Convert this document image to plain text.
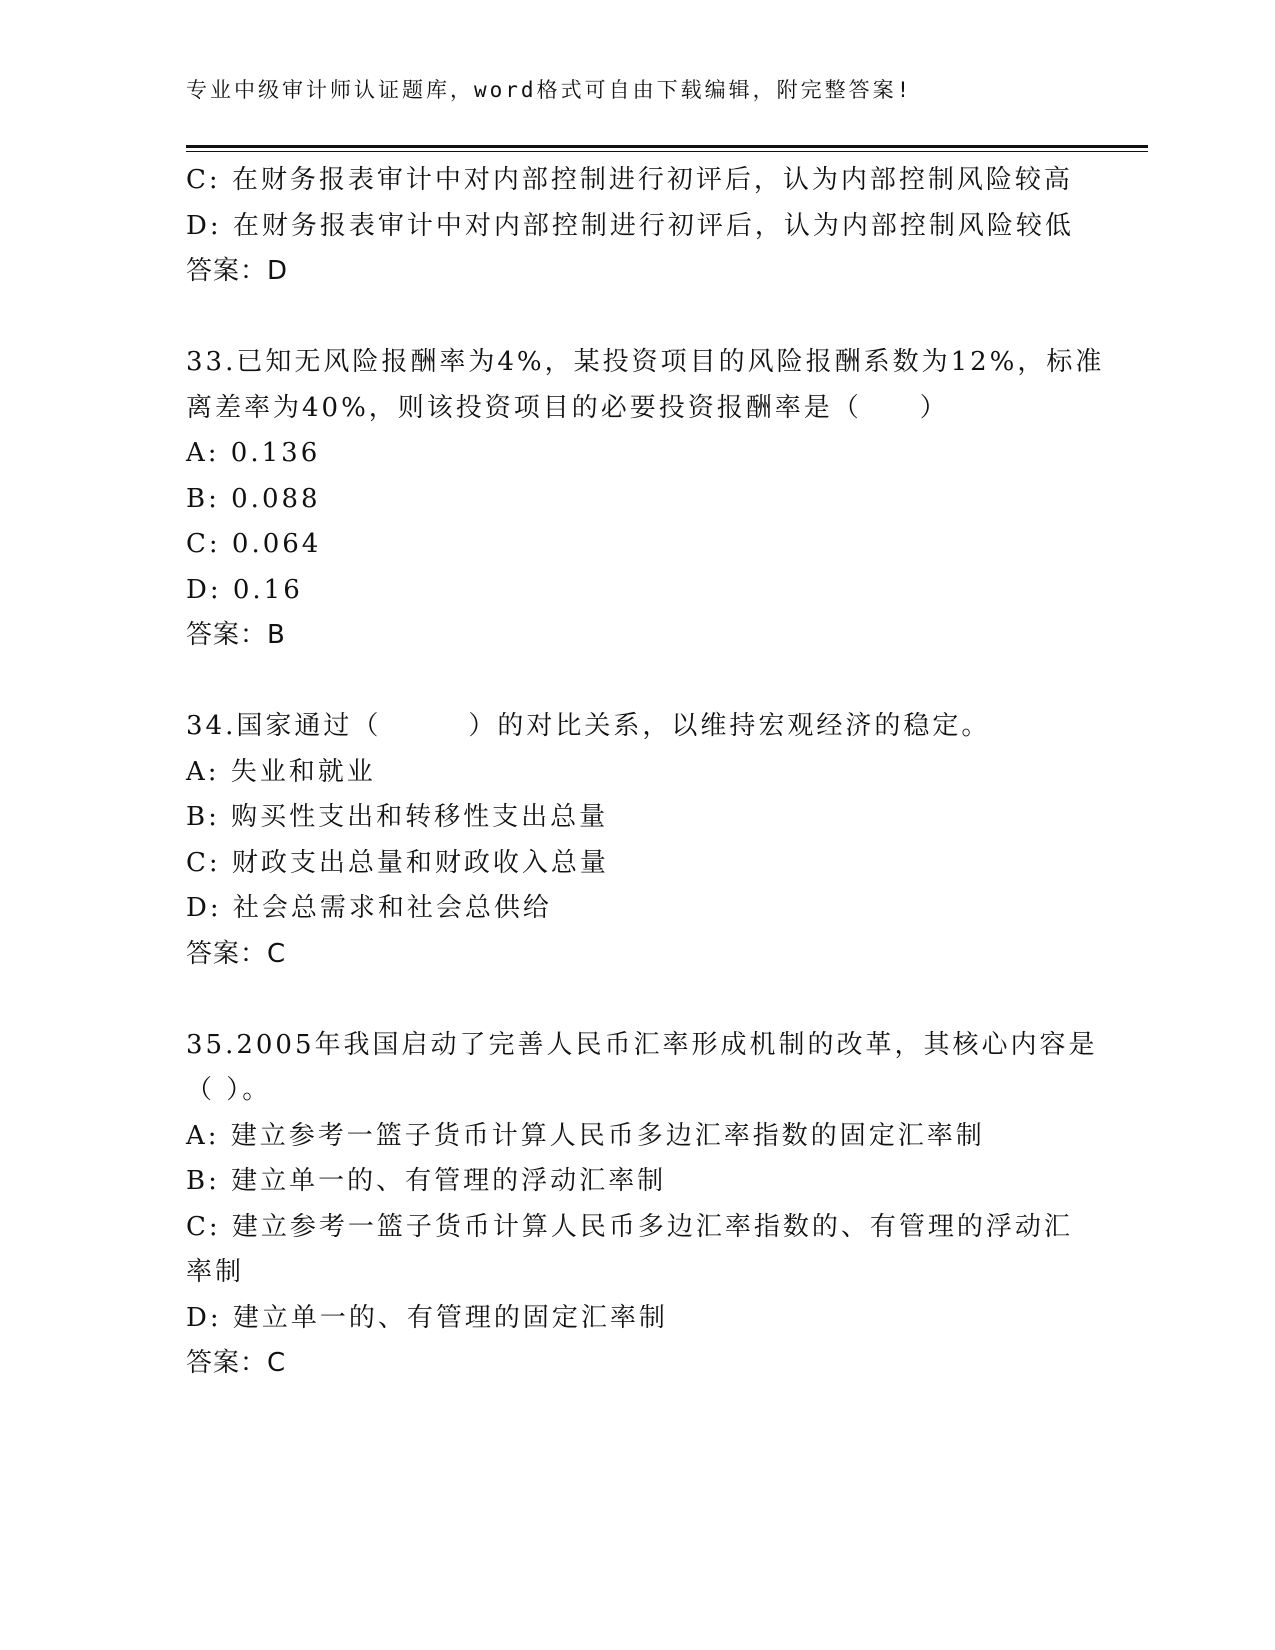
专业中级审计师认证题库，word格式可自由下载编辑，附完整答案!
C: 在财务报表审计中对内部控制进行初评后，认为内部控制风险较高
D: 在财务报表审计中对内部控制进行初评后，认为内部控制风险较低
答案：D
33.已知无风险报酬率为4%，某投资项目的风险报酬系数为12%，标准
离差率为40%，则该投资项目的必要投资报酬率是（　　）
A: 0.136
B: 0.088
C: 0.064
D: 0.16
答案：B
34.国家通过（　　　）的对比关系，以维持宏观经济的稳定。
A: 失业和就业
B: 购买性支出和转移性支出总量
C: 财政支出总量和财政收入总量
D: 社会总需求和社会总供给
答案：C
35.2005年我国启动了完善人民币汇率形成机制的改革，其核心内容是
（ ）。
A: 建立参考一篮子货币计算人民币多边汇率指数的固定汇率制
B: 建立单一的、有管理的浮动汇率制
C: 建立参考一篮子货币计算人民币多边汇率指数的、有管理的浮动汇
率制
D: 建立单一的、有管理的固定汇率制
答案：C
